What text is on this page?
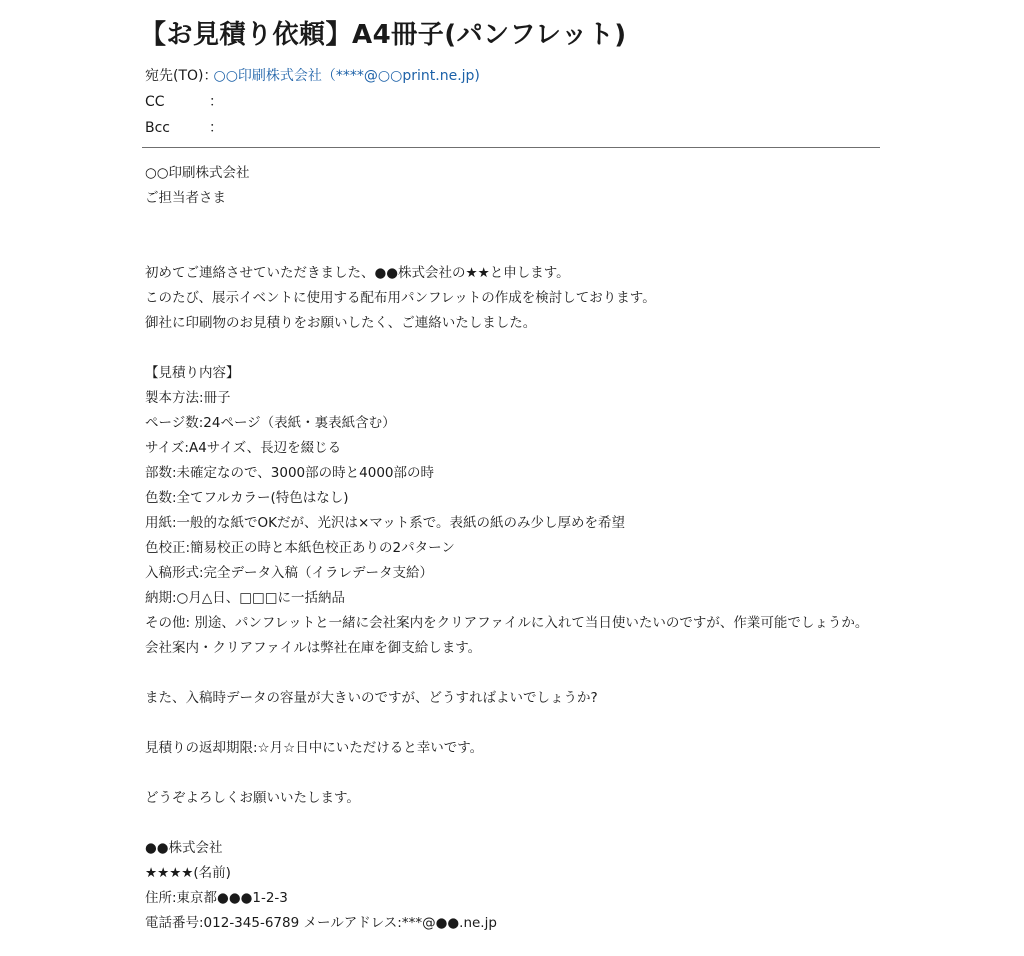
【お見積り依頼】A4冊子(パンフレット)
宛先(TO) ：
○○印刷株式会社（****@○○print.ne.jp)
CC	：
Bcc	：
○○印刷株式会社
ご担当者さま
初めてご連絡させていただきました、●●株式会社の★★と申します。
このたび、展示イベントに使用する配布用パンフレットの作成を検討しております。
御社に印刷物のお見積りをお願いしたく、ご連絡いたしました。
【見積り内容】
製本方法:冊子
ページ数:24ページ（表紙・裏表紙含む）
サイズ:A4サイズ、長辺を綴じる
部数:未確定なので、3000部の時と4000部の時
色数:全てフルカラー(特色はなし)
用紙:一般的な紙でOKだが、光沢は×マット系で。表紙の紙のみ少し厚めを希望
色校正:簡易校正の時と本紙色校正ありの2パターン
入稿形式:完全データ入稿（イラレデータ支給）
納期:○月△日、□□□に一括納品
その他: 別途、パンフレットと一緒に会社案内をクリアファイルに入れて当日使いたいのですが、作業可能でしょうか。
会社案内・クリアファイルは弊社在庫を御支給します。
また、入稿時データの容量が大きいのですが、どうすればよいでしょうか?
見積りの返却期限:☆月☆日中にいただけると幸いです。
どうぞよろしくお願いいたします。
●●株式会社
★★★★(名前)
住所:東京都●●●1-2-3
電話番号:012-345-6789 メールアドレス:***@●●.ne.jp
